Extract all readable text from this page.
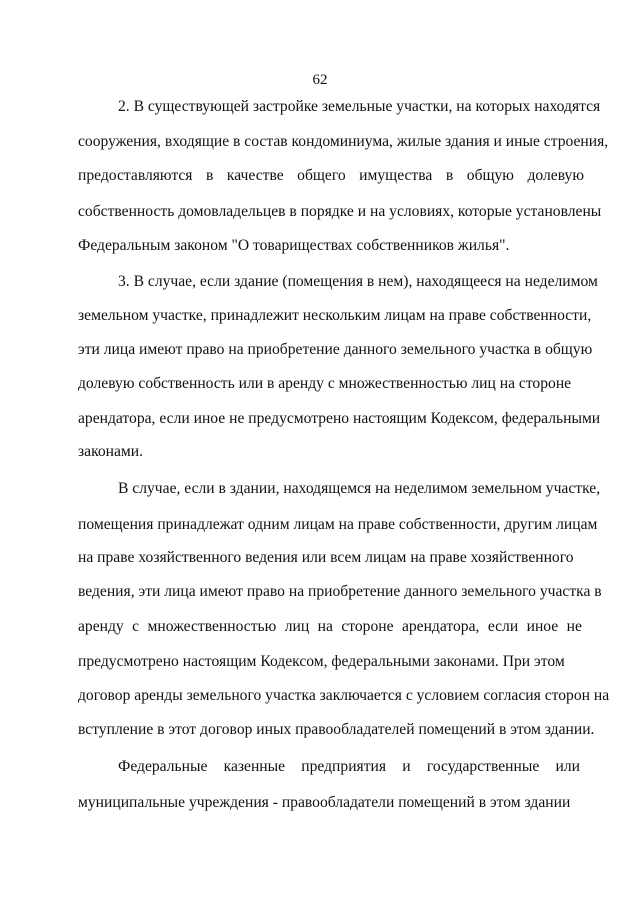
62
2. В существующей застройке земельные участки, на которых находятся
сооружения, входящие в состав кондоминиума, жилые здания и иные строения,
предоставляются в качестве общего имущества в общую долевую
собственность домовладельцев в порядке и на условиях, которые установлены
Федеральным законом "О товариществах собственников жилья".
3. В случае, если здание (помещения в нем), находящееся на неделимом
земельном участке, принадлежит нескольким лицам на праве собственности,
эти лица имеют право на приобретение данного земельного участка в общую
долевую собственность или в аренду с множественностью лиц на стороне
арендатора, если иное не предусмотрено настоящим Кодексом, федеральными
законами.
В случае, если в здании, находящемся на неделимом земельном участке,
помещения принадлежат одним лицам на праве собственности, другим лицам
на праве хозяйственного ведения или всем лицам на праве хозяйственного
ведения, эти лица имеют право на приобретение данного земельного участка в
аренду с множественностью лиц на стороне арендатора, если иное не
предусмотрено настоящим Кодексом, федеральными законами. При этом
договор аренды земельного участка заключается с условием согласия сторон на
вступление в этот договор иных правообладателей помещений в этом здании.
Федеральные казенные предприятия и государственные или
муниципальные учреждения - правообладатели помещений в этом здании
